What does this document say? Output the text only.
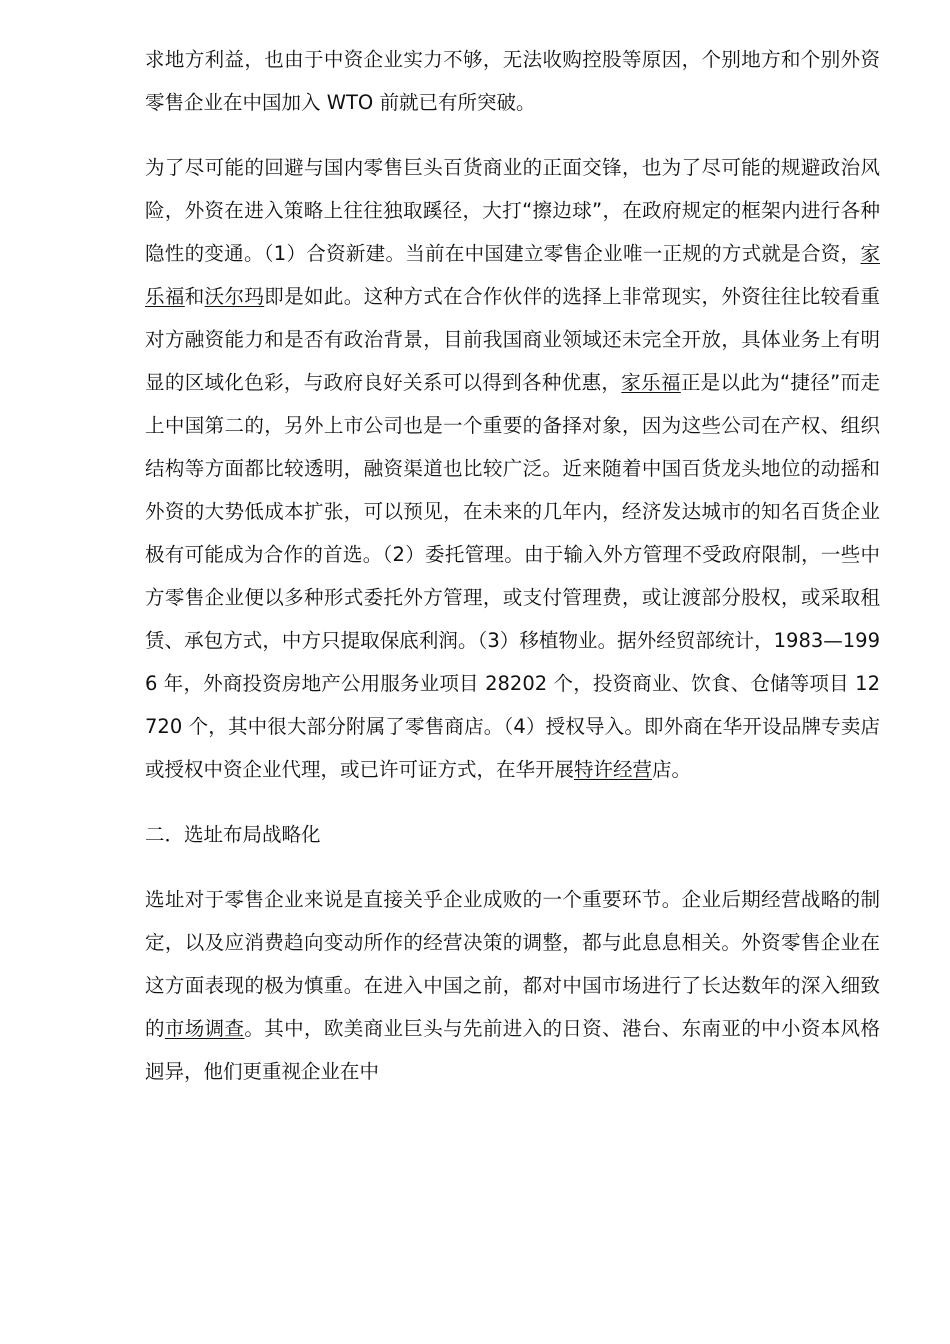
求地方利益，也由于中资企业实力不够，无法收购控股等原因，个别地方和个别外资零售企业在中国加入 WTO 前就已有所突破。

为了尽可能的回避与国内零售巨头百货商业的正面交锋，也为了尽可能的规避政治风险，外资在进入策略上往往独取蹊径，大打“擦边球”，在政府规定的框架内进行各种隐性的变通。（1）合资新建。当前在中国建立零售企业唯一正规的方式就是合资，家乐福和沃尔玛即是如此。这种方式在合作伙伴的选择上非常现实，外资往往比较看重对方融资能力和是否有政治背景，目前我国商业领域还未完全开放，具体业务上有明显的区域化色彩，与政府良好关系可以得到各种优惠，家乐福正是以此为“捷径”而走上中国第二的，另外上市公司也是一个重要的备择对象，因为这些公司在产权、组织结构等方面都比较透明，融资渠道也比较广泛。近来随着中国百货龙头地位的动摇和外资的大势低成本扩张，可以预见，在未来的几年内，经济发达城市的知名百货企业极有可能成为合作的首选。（2）委托管理。由于输入外方管理不受政府限制，一些中方零售企业便以多种形式委托外方管理，或支付管理费，或让渡部分股权，或采取租赁、承包方式，中方只提取保底利润。（3）移植物业。据外经贸部统计，1983—1996 年，外商投资房地产公用服务业项目 28202 个，投资商业、饮食、仓储等项目 12720 个，其中很大部分附属了零售商店。（4）授权导入。即外商在华开设品牌专卖店或授权中资企业代理，或已许可证方式，在华开展特许经营店。

二．选址布局战略化

选址对于零售企业来说是直接关乎企业成败的一个重要环节。企业后期经营战略的制定，以及应消费趋向变动所作的经营决策的调整，都与此息息相关。外资零售企业在这方面表现的极为慎重。在进入中国之前，都对中国市场进行了长达数年的深入细致的市场调查。其中，欧美商业巨头与先前进入的日资、港台、东南亚的中小资本风格迥异，他们更重视企业在中
